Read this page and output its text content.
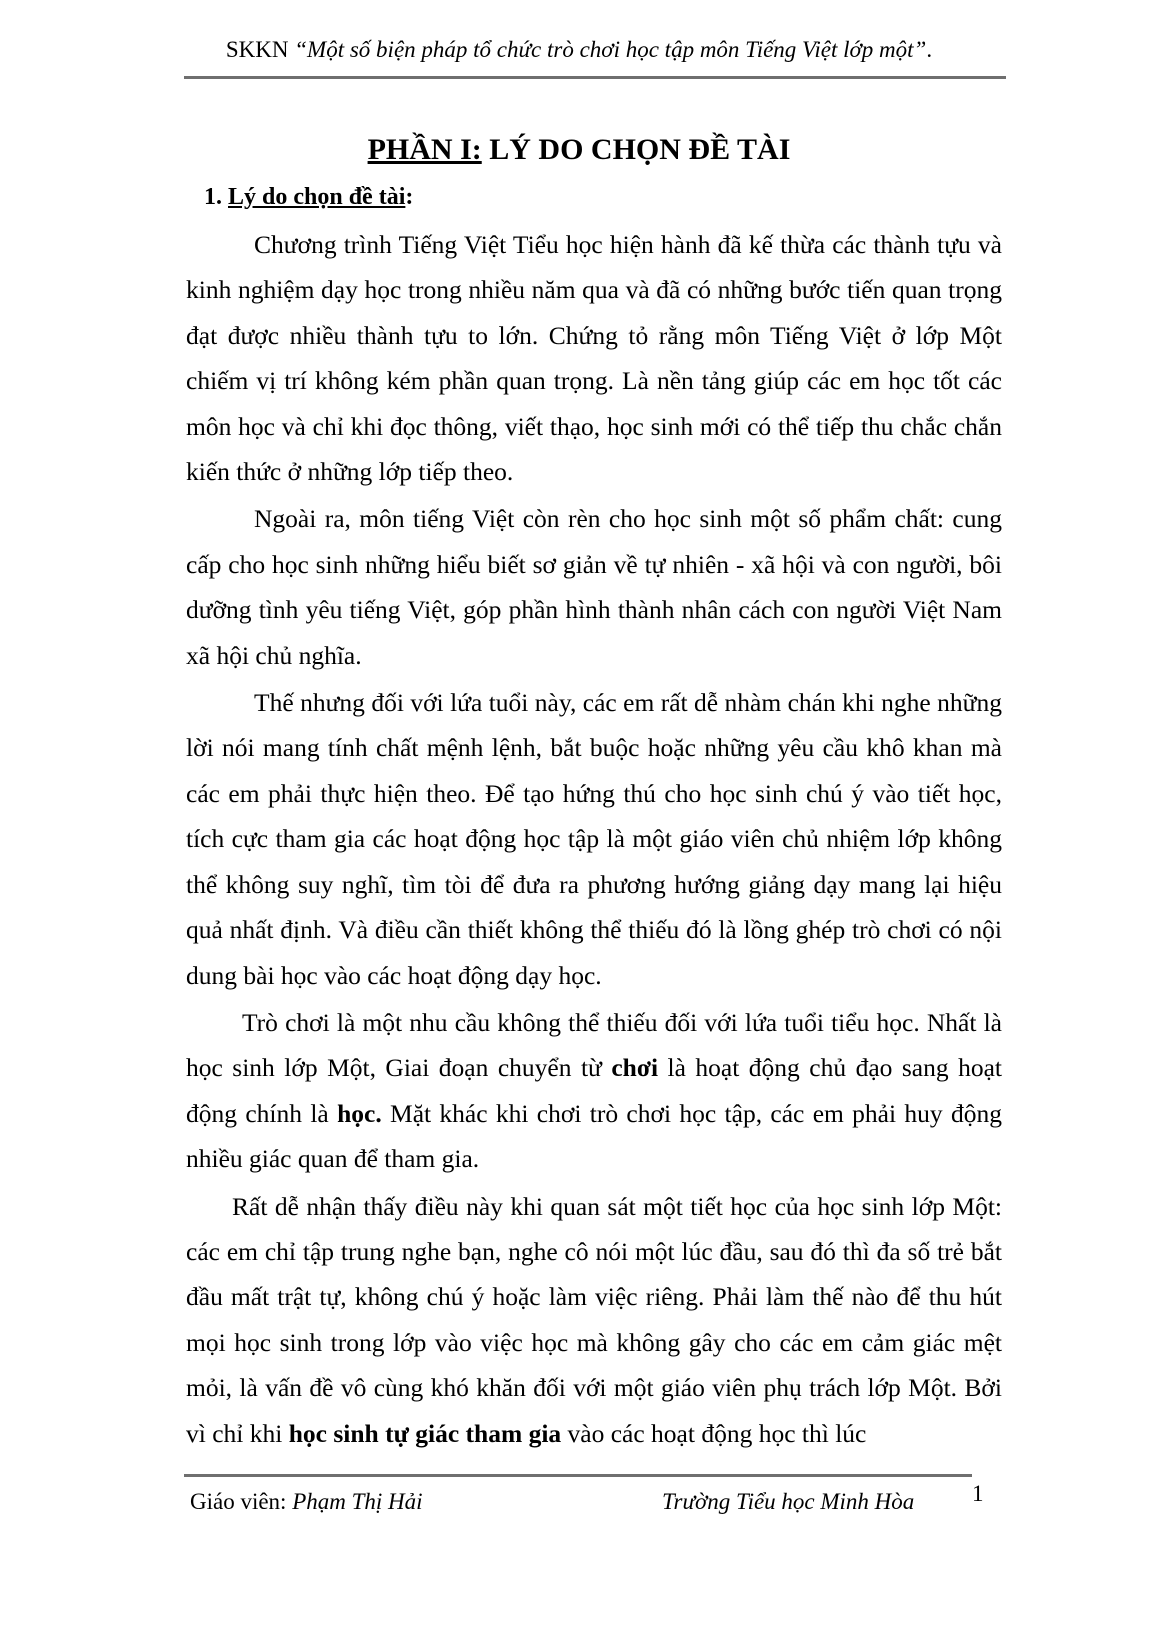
SKKN “Một số biện pháp tổ chức trò chơi học tập môn Tiếng Việt lớp một”.
PHẦN I: LÝ DO CHỌN ĐỀ TÀI
1. Lý do chọn đề tài:

Chương trình Tiếng Việt Tiểu học hiện hành đã kế thừa các thành tựu và kinh nghiệm dạy học trong nhiều năm qua và đã có những bước tiến quan trọng đạt được nhiều thành tựu to lớn. Chứng tỏ rằng môn Tiếng Việt ở lớp Một chiếm vị trí không kém phần quan trọng. Là nền tảng giúp các em học tốt các môn học và chỉ khi đọc thông, viết thạo, học sinh mới có thể tiếp thu chắc chắn kiến thức ở những lớp tiếp theo.

Ngoài ra, môn tiếng Việt còn rèn cho học sinh một số phẩm chất: cung cấp cho học sinh những hiểu biết sơ giản về tự nhiên - xã hội và con người, bôi dưỡng tình yêu tiếng Việt, góp phần hình thành nhân cách con người Việt Nam xã hội chủ nghĩa.

Thế nhưng đối với lứa tuổi này, các em rất dễ nhàm chán khi nghe những lời nói mang tính chất mệnh lệnh, bắt buộc hoặc những yêu cầu khô khan mà các em phải thực hiện theo. Để tạo hứng thú cho học sinh chú ý vào tiết học, tích cực tham gia các hoạt động học tập là một giáo viên chủ nhiệm lớp không thể không suy nghĩ, tìm tòi để đưa ra phương hướng giảng dạy mang lại hiệu quả nhất định. Và điều cần thiết không thể thiếu đó là lồng ghép trò chơi có nội dung bài học vào các hoạt động dạy học.

Trò chơi là một nhu cầu không thể thiếu đối với lứa tuổi tiểu học. Nhất là học sinh lớp Một, Giai đoạn chuyển từ chơi là hoạt động chủ đạo sang hoạt động chính là học. Mặt khác khi chơi trò chơi học tập, các em phải huy động nhiều giác quan để tham gia.

Rất dễ nhận thấy điều này khi quan sát một tiết học của học sinh lớp Một: các em chỉ tập trung nghe bạn, nghe cô nói một lúc đầu, sau đó thì đa số trẻ bắt đầu mất trật tự, không chú ý hoặc làm việc riêng. Phải làm thế nào để thu hút mọi học sinh trong lớp vào việc học mà không gây cho các em cảm giác mệt mỏi, là vấn đề vô cùng khó khăn đối với một giáo viên phụ trách lớp Một. Bởi vì chỉ khi học sinh tự giác tham gia vào các hoạt động học thì lúc

Giáo viên: Phạm Thị Hải	Trường Tiểu học Minh Hòa	1
